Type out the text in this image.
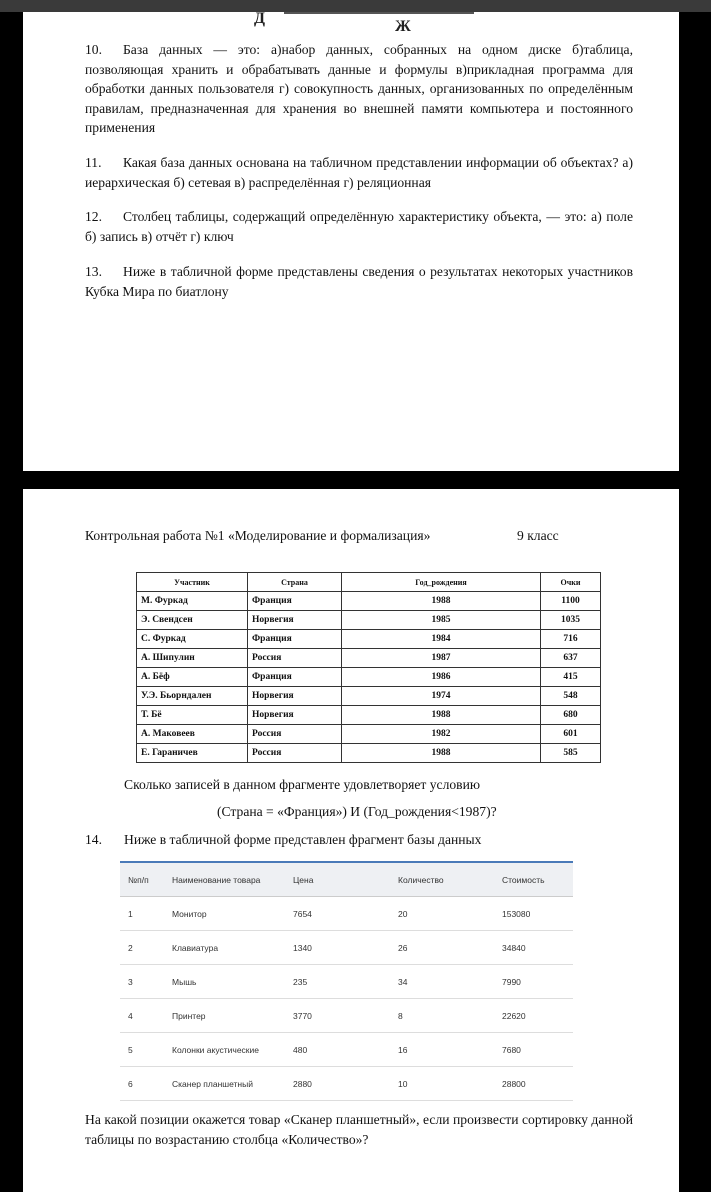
Д	Ж
10. База данных — это: а)набор данных, собранных на одном диске б)таблица, позволяющая хранить и обрабатывать данные и формулы в)прикладная программа для обработки данных пользователя г) совокупность данных, организованных по определённым правилам, предназначенная для хранения во внешней памяти компьютера и постоянного применения
11. Какая база данных основана на табличном представлении информации об объектах? а) иерархическая б) сетевая в) распределённая г) реляционная
12. Столбец таблицы, содержащий определённую характеристику объекта, — это: а) поле б) запись в) отчёт г) ключ
13. Ниже в табличной форме представлены сведения о результатах некоторых участников Кубка Мира по биатлону
Контрольная работа №1 «Моделирование и формализация»	9 класс
Участник	Страна	Год_рождения	Очки
М. Фуркад	Франция	1988	1100
Э. Свендсен	Норвегия	1985	1035
С. Фуркад	Франция	1984	716
А. Шипулин	Россия	1987	637
А. Бёф	Франция	1986	415
У.Э. Бьорндален	Норвегия	1974	548
Т. Бё	Норвегия	1988	680
А. Маковеев	Россия	1982	601
Е. Гараничев	Россия	1988	585
Сколько записей в данном фрагменте удовлетворяет условию
(Страна = «Франция») И (Год_рождения<1987)?
14. Ниже в табличной форме представлен фрагмент базы данных
№п/п	Наименование товара	Цена	Количество	Стоимость
1	Монитор	7654	20	153080
2	Клавиатура	1340	26	34840
3	Мышь	235	34	7990
4	Принтер	3770	8	22620
5	Колонки акустические	480	16	7680
6	Сканер планшетный	2880	10	28800
На какой позиции окажется товар «Сканер планшетный», если произвести сортировку данной таблицы по возрастанию столбца «Количество»?
